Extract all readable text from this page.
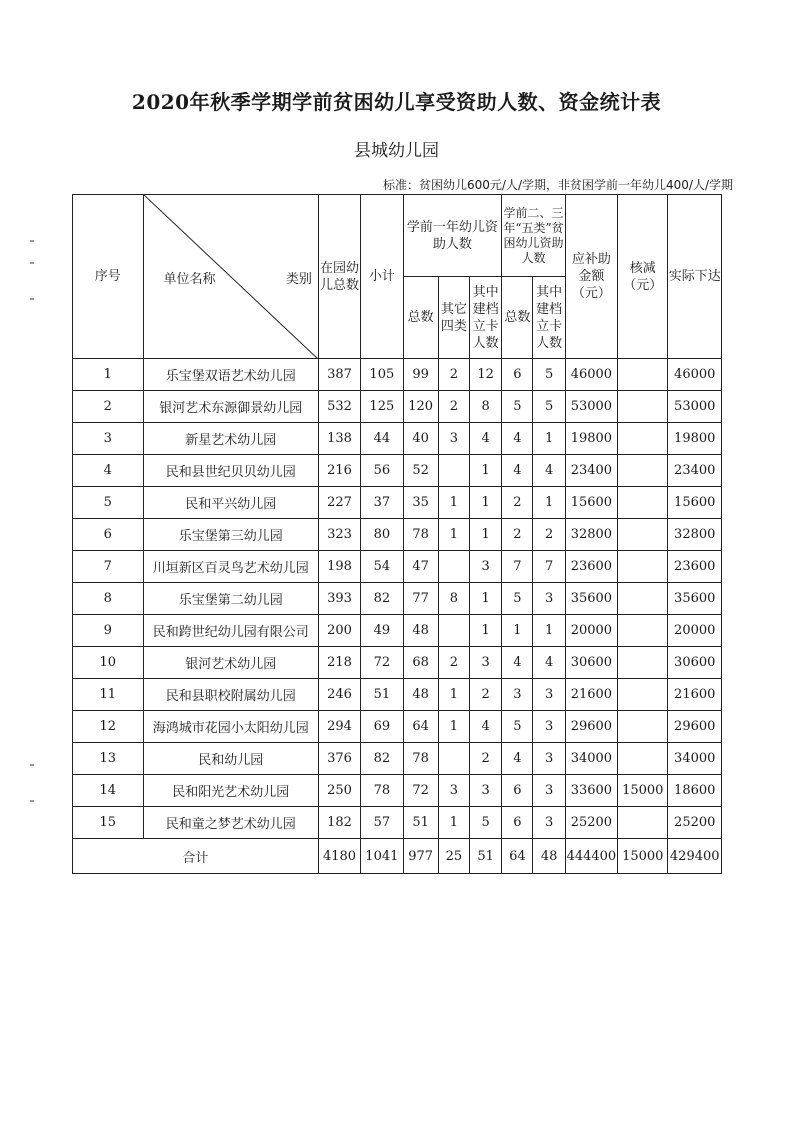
2020年秋季学期学前贫困幼儿享受资助人数、资金统计表
县城幼儿园
标准：贫困幼儿600元/人/学期，非贫困学前一年幼儿400/人/学期
序号	单位名称 类别	在园幼儿总数	小计	学前一年幼儿资助人数			学前二、三年“五类”贫困幼儿资助人数		应补助金额（元）	核减（元）	实际下达
				总数	其它四类	其中建档立卡人数	总数	其中建档立卡人数			
1	乐宝堡双语艺术幼儿园	387	105	99	2	12	6	5	46000		46000
2	银河艺术东源御景幼儿园	532	125	120	2	8	5	5	53000		53000
3	新星艺术幼儿园	138	44	40	3	4	4	1	19800		19800
4	民和县世纪贝贝幼儿园	216	56	52		1	4	4	23400		23400
5	民和平兴幼儿园	227	37	35	1	1	2	1	15600		15600
6	乐宝堡第三幼儿园	323	80	78	1	1	2	2	32800		32800
7	川垣新区百灵鸟艺术幼儿园	198	54	47		3	7	7	23600		23600
8	乐宝堡第二幼儿园	393	82	77	8	1	5	3	35600		35600
9	民和跨世纪幼儿园有限公司	200	49	48		1	1	1	20000		20000
10	银河艺术幼儿园	218	72	68	2	3	4	4	30600		30600
11	民和县职校附属幼儿园	246	51	48	1	2	3	3	21600		21600
12	海鸿城市花园小太阳幼儿园	294	69	64	1	4	5	3	29600		29600
13	民和幼儿园	376	82	78		2	4	3	34000		34000
14	民和阳光艺术幼儿园	250	78	72	3	3	6	3	33600	15000	18600
15	民和童之梦艺术幼儿园	182	57	51	1	5	6	3	25200		25200
合计		4180	1041	977	25	51	64	48	444400	15000	429400
